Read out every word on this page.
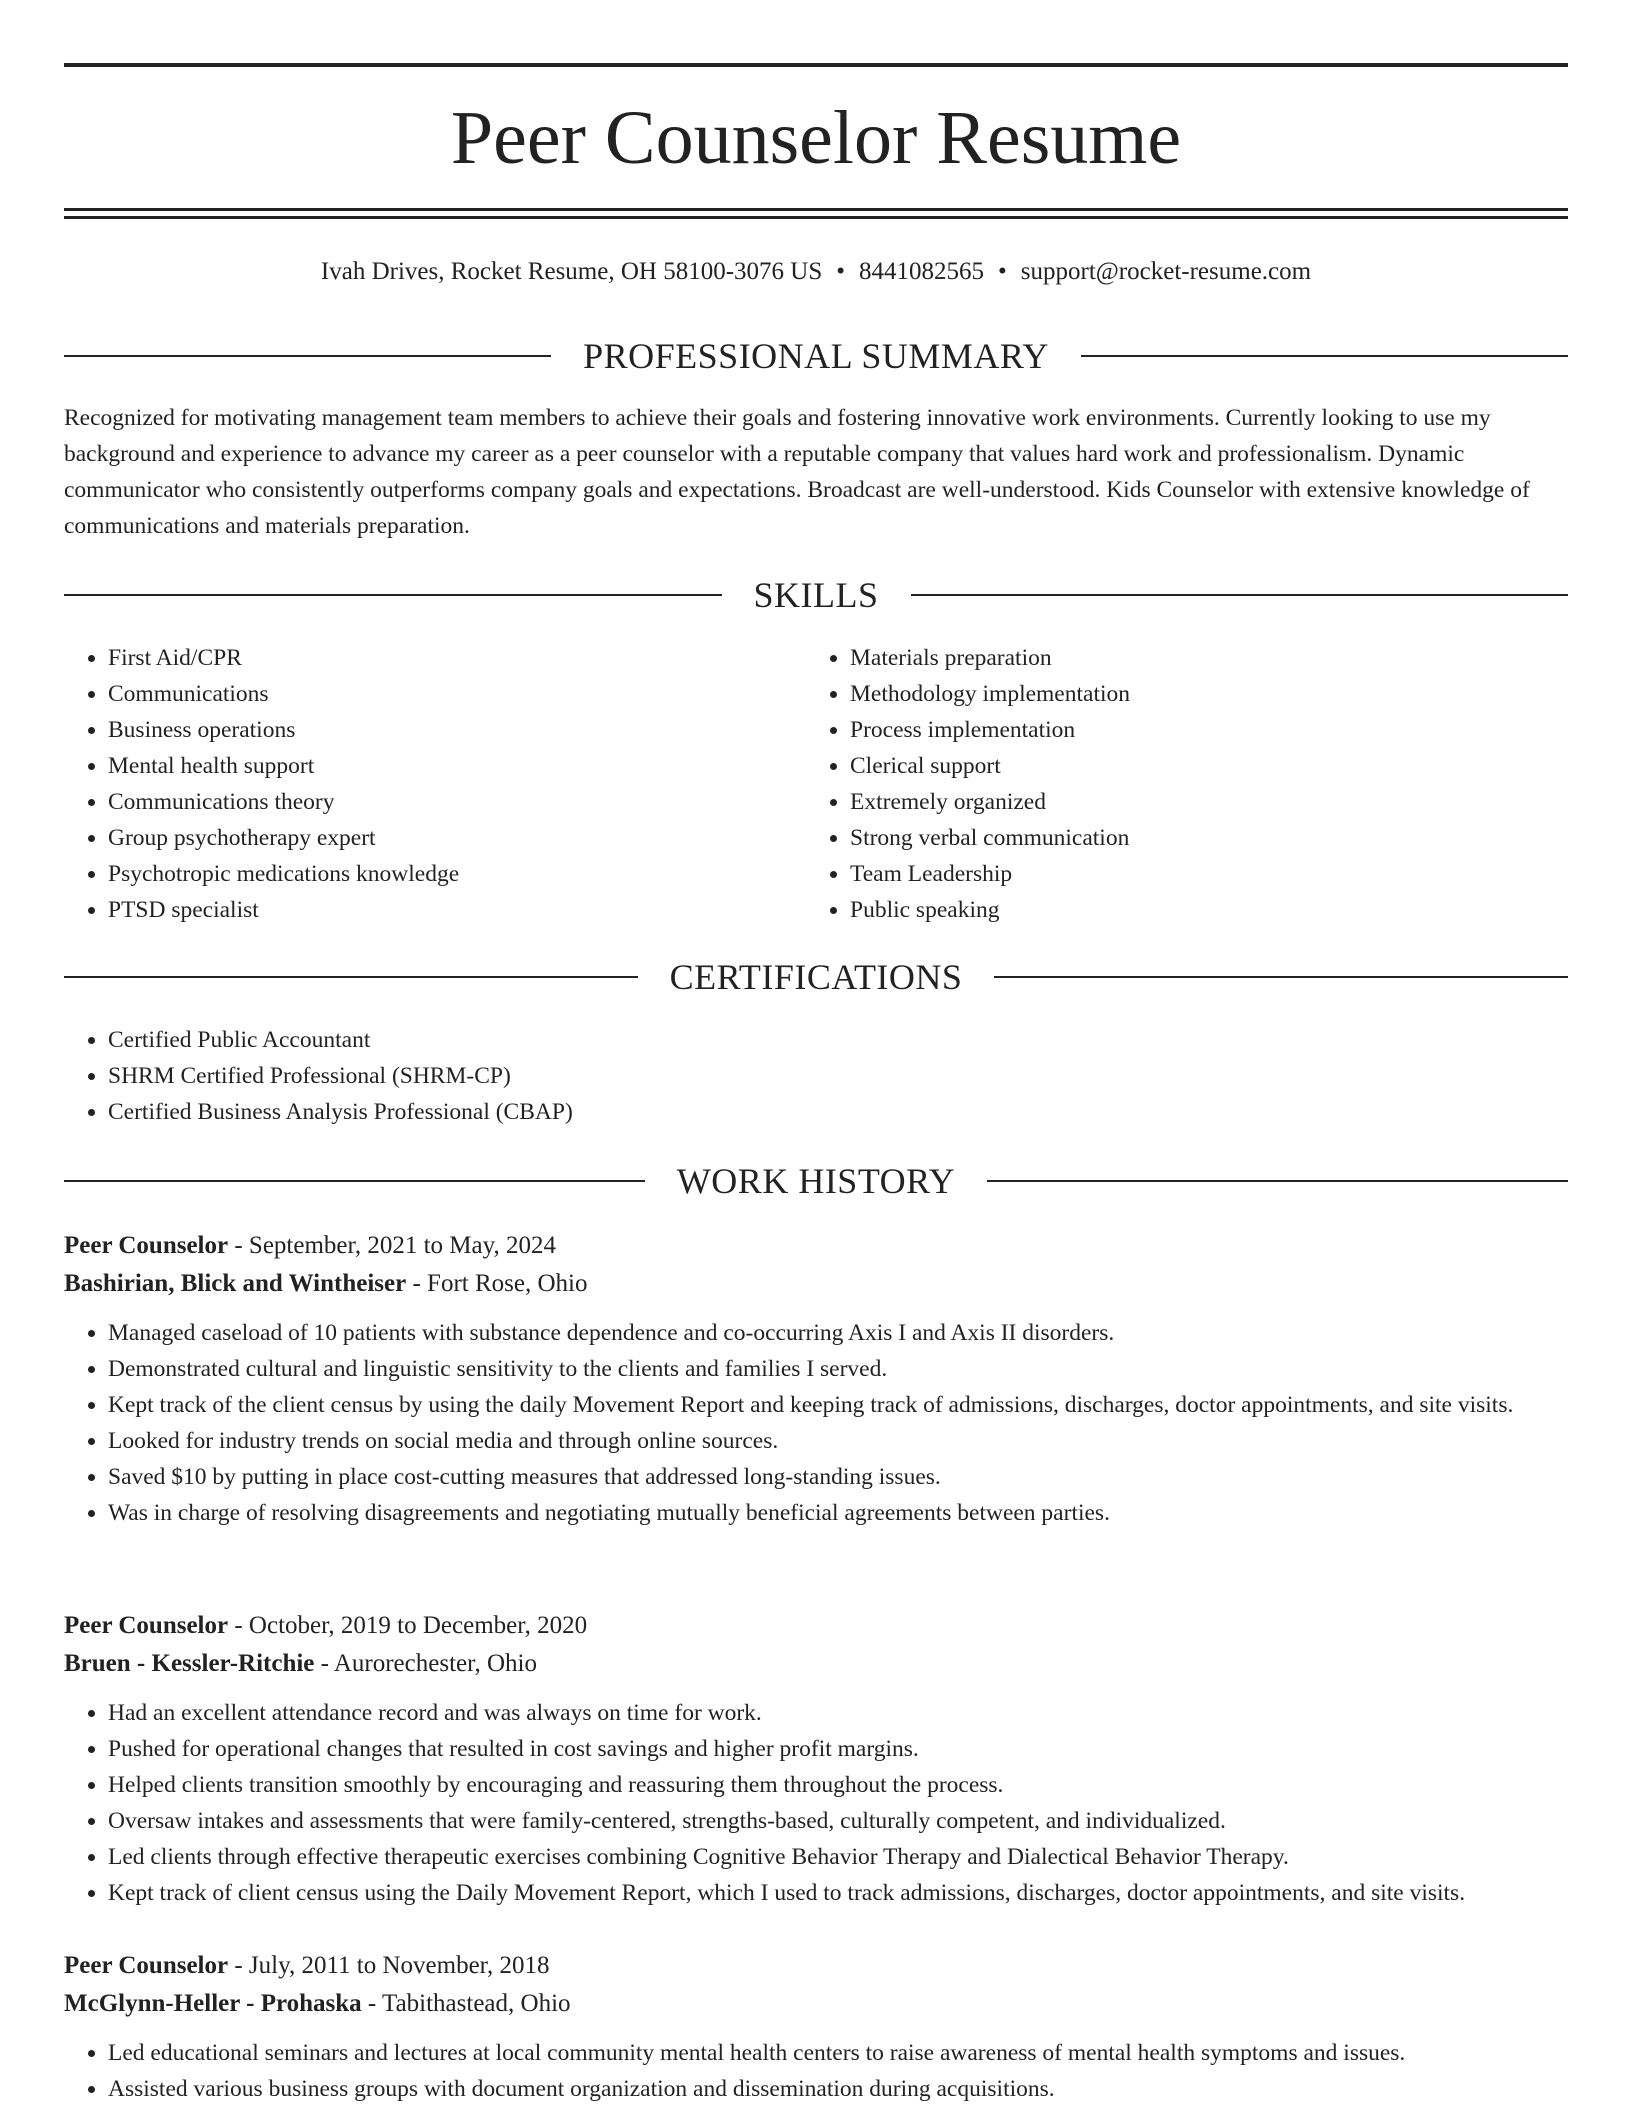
Peer Counselor Resume
Ivah Drives, Rocket Resume, OH 58100-3076 US • 8441082565 • support@rocket-resume.com
PROFESSIONAL SUMMARY

Recognized for motivating management team members to achieve their goals and fostering innovative work environments. Currently looking to use my background and experience to advance my career as a peer counselor with a reputable company that values hard work and professionalism. Dynamic communicator who consistently outperforms company goals and expectations. Broadcast are well-understood. Kids Counselor with extensive knowledge of communications and materials preparation.

SKILLS
• First Aid/CPR
• Communications
• Business operations
• Mental health support
• Communications theory
• Group psychotherapy expert
• Psychotropic medications knowledge
• PTSD specialist
• Materials preparation
• Methodology implementation
• Process implementation
• Clerical support
• Extremely organized
• Strong verbal communication
• Team Leadership
• Public speaking
CERTIFICATIONS
• Certified Public Accountant
• SHRM Certified Professional (SHRM-CP)
• Certified Business Analysis Professional (CBAP)
WORK HISTORY
Peer Counselor - September, 2021 to May, 2024
Bashirian, Blick and Wintheiser - Fort Rose, Ohio
• Managed caseload of 10 patients with substance dependence and co-occurring Axis I and Axis II disorders.
• Demonstrated cultural and linguistic sensitivity to the clients and families I served.
• Kept track of the client census by using the daily Movement Report and keeping track of admissions, discharges, doctor appointments, and site visits.
• Looked for industry trends on social media and through online sources.
• Saved $10 by putting in place cost-cutting measures that addressed long-standing issues.
• Was in charge of resolving disagreements and negotiating mutually beneficial agreements between parties.
Peer Counselor - October, 2019 to December, 2020
Bruen - Kessler-Ritchie - Aurorechester, Ohio
• Had an excellent attendance record and was always on time for work.
• Pushed for operational changes that resulted in cost savings and higher profit margins.
• Helped clients transition smoothly by encouraging and reassuring them throughout the process.
• Oversaw intakes and assessments that were family-centered, strengths-based, culturally competent, and individualized.
• Led clients through effective therapeutic exercises combining Cognitive Behavior Therapy and Dialectical Behavior Therapy.
• Kept track of client census using the Daily Movement Report, which I used to track admissions, discharges, doctor appointments, and site visits.
Peer Counselor - July, 2011 to November, 2018
McGlynn-Heller - Prohaska - Tabithastead, Ohio
• Led educational seminars and lectures at local community mental health centers to raise awareness of mental health symptoms and issues.
• Assisted various business groups with document organization and dissemination during acquisitions.
